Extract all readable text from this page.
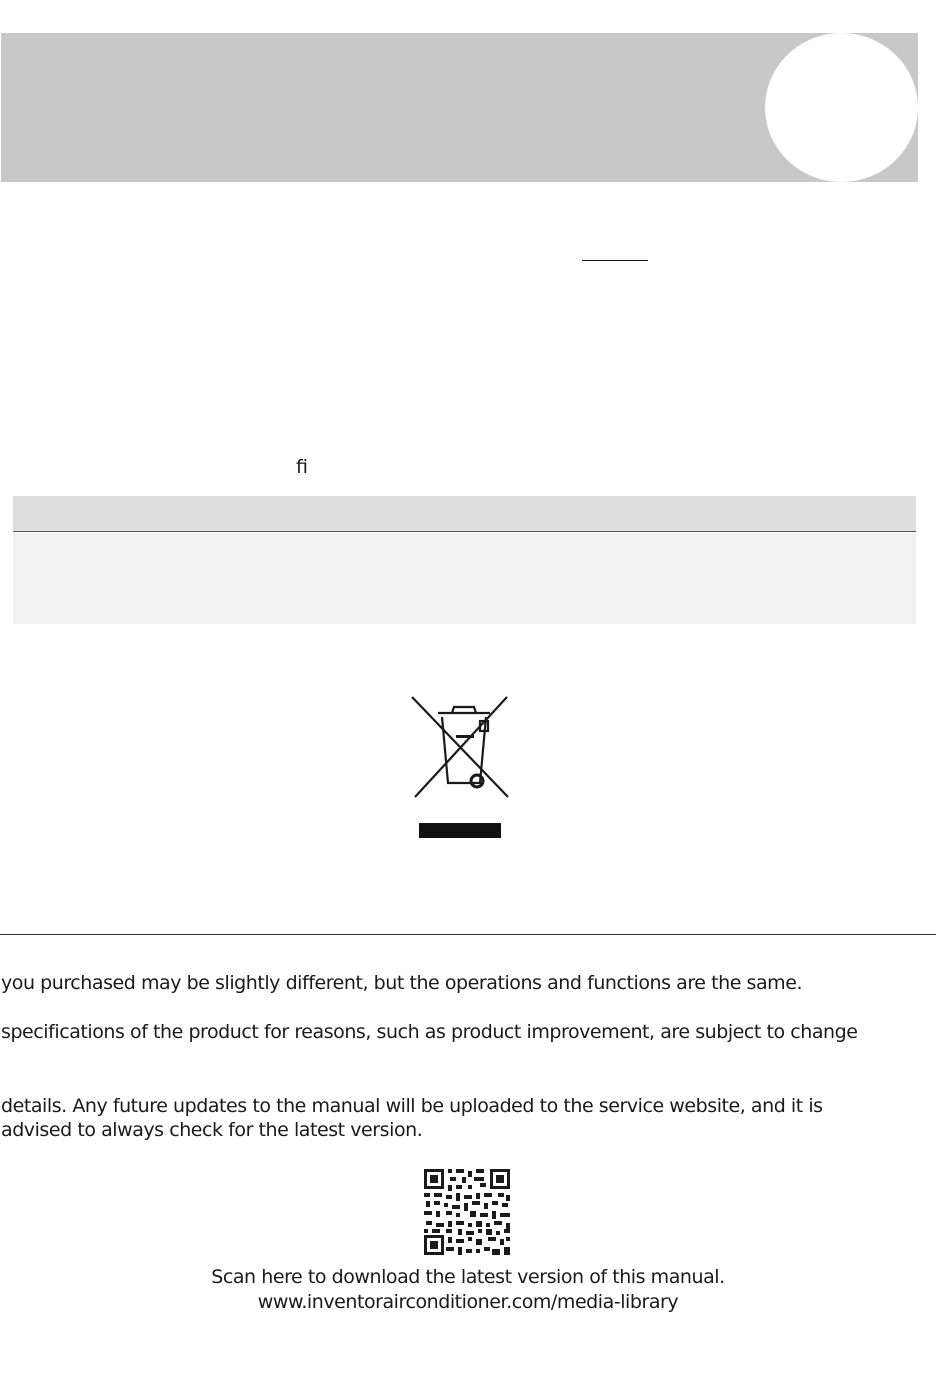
ﬁ
you purchased may be slightly different, but the operations and functions are the same.
specifications of the product for reasons, such as product improvement, are subject to change
details. Any future updates to the manual will be uploaded to the service website, and it is
advised to always check for the latest version.
Scan here to download the latest version of this manual.
www.inventorairconditioner.com/media-library
